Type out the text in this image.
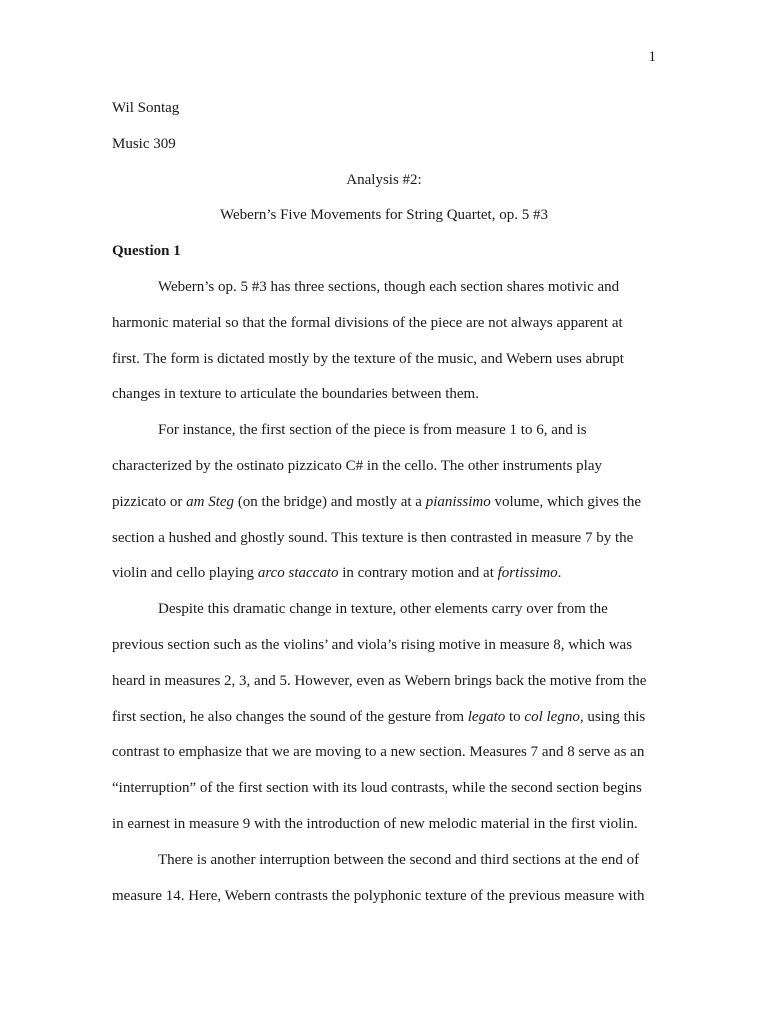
1

Wil Sontag

Music 309

Analysis #2:

Webern’s Five Movements for String Quartet, op. 5 #3

Question 1

Webern’s op. 5 #3 has three sections, though each section shares motivic and
harmonic material so that the formal divisions of the piece are not always apparent at
first. The form is dictated mostly by the texture of the music, and Webern uses abrupt
changes in texture to articulate the boundaries between them.
For instance, the first section of the piece is from measure 1 to 6, and is
characterized by the ostinato pizzicato C# in the cello. The other instruments play
pizzicato or am Steg (on the bridge) and mostly at a pianissimo volume, which gives the
section a hushed and ghostly sound. This texture is then contrasted in measure 7 by the
violin and cello playing arco staccato in contrary motion and at fortissimo.
Despite this dramatic change in texture, other elements carry over from the
previous section such as the violins’ and viola’s rising motive in measure 8, which was
heard in measures 2, 3, and 5. However, even as Webern brings back the motive from the
first section, he also changes the sound of the gesture from legato to col legno, using this
contrast to emphasize that we are moving to a new section. Measures 7 and 8 serve as an
“interruption” of the first section with its loud contrasts, while the second section begins
in earnest in measure 9 with the introduction of new melodic material in the first violin.
There is another interruption between the second and third sections at the end of
measure 14. Here, Webern contrasts the polyphonic texture of the previous measure with
